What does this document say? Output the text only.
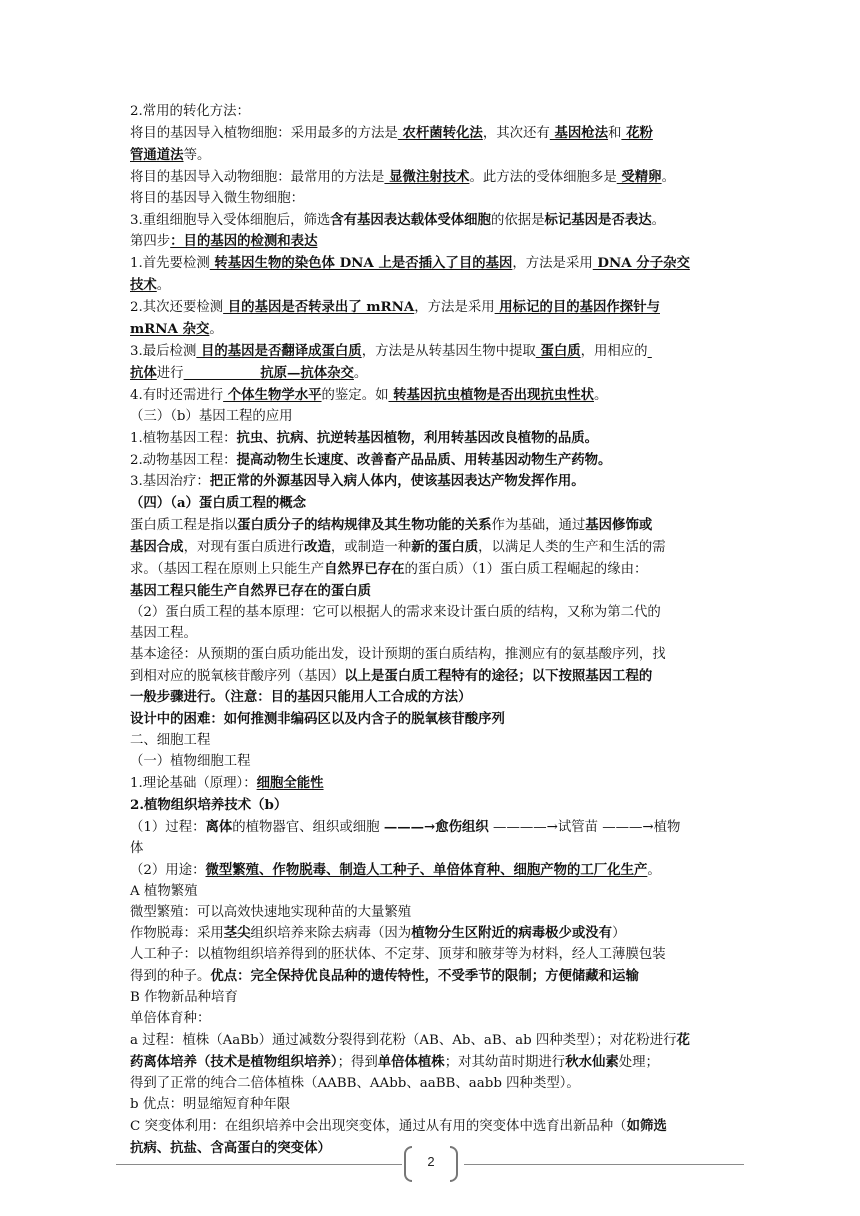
2.常用的转化方法：
将目的基因导入植物细胞：采用最多的方法是 农杆菌转化法，其次还有 基因枪法和 花粉
管通道法等。
将目的基因导入动物细胞：最常用的方法是 显微注射技术。此方法的受体细胞多是 受精卵。
将目的基因导入微生物细胞：
3.重组细胞导入受体细胞后，筛选含有基因表达载体受体细胞的依据是标记基因是否表达。
第四步：目的基因的检测和表达
1.首先要检测 转基因生物的染色体 DNA 上是否插入了目的基因，方法是采用 DNA 分子杂交
技术。
2.其次还要检测 目的基因是否转录出了 mRNA，方法是采用 用标记的目的基因作探针与
mRNA 杂交。
3.最后检测 目的基因是否翻译成蛋白质，方法是从转基因生物中提取 蛋白质，用相应的
抗体进行	抗原—抗体杂交。
4.有时还需进行 个体生物学水平的鉴定。如 转基因抗虫植物是否出现抗虫性状。
（三）（b）基因工程的应用
1.植物基因工程：抗虫、抗病、抗逆转基因植物，利用转基因改良植物的品质。
2.动物基因工程：提高动物生长速度、改善畜产品品质、用转基因动物生产药物。
3.基因治疗：把正常的外源基因导入病人体内，使该基因表达产物发挥作用。
（四）（a）蛋白质工程的概念
蛋白质工程是指以蛋白质分子的结构规律及其生物功能的关系作为基础，通过基因修饰或
基因合成，对现有蛋白质进行改造，或制造一种新的蛋白质，以满足人类的生产和生活的需
求。（基因工程在原则上只能生产自然界已存在的蛋白质）（1）蛋白质工程崛起的缘由：
基因工程只能生产自然界已存在的蛋白质
（2）蛋白质工程的基本原理：它可以根据人的需求来设计蛋白质的结构，又称为第二代的
基因工程。
基本途径：从预期的蛋白质功能出发，设计预期的蛋白质结构，推测应有的氨基酸序列，找
到相对应的脱氧核苷酸序列（基因）以上是蛋白质工程特有的途径；以下按照基因工程的
一般步骤进行。（注意：目的基因只能用人工合成的方法）
设计中的困难：如何推测非编码区以及内含子的脱氧核苷酸序列
二、细胞工程
（一）植物细胞工程
1.理论基础（原理）：细胞全能性
2.植物组织培养技术（b）
（1）过程：离体的植物器官、组织或细胞 ———→愈伤组织 ————→试管苗 ———→植物
体
（2）用途：微型繁殖、作物脱毒、制造人工种子、单倍体育种、细胞产物的工厂化生产。
A 植物繁殖
微型繁殖：可以高效快速地实现种苗的大量繁殖
作物脱毒：采用茎尖组织培养来除去病毒（因为植物分生区附近的病毒极少或没有）
人工种子：以植物组织培养得到的胚状体、不定芽、顶芽和腋芽等为材料，经人工薄膜包装
得到的种子。优点：完全保持优良品种的遗传特性，不受季节的限制；方便储藏和运输
B 作物新品种培育
单倍体育种：
a 过程：植株（AaBb）通过减数分裂得到花粉（AB、Ab、aB、ab 四种类型）；对花粉进行花
药离体培养（技术是植物组织培养）；得到单倍体植株；对其幼苗时期进行秋水仙素处理；
得到了正常的纯合二倍体植株（AABB、AAbb、aaBB、aabb 四种类型）。
b 优点：明显缩短育种年限
C 突变体利用：在组织培养中会出现突变体，通过从有用的突变体中选育出新品种（如筛选
抗病、抗盐、含高蛋白的突变体）
2
